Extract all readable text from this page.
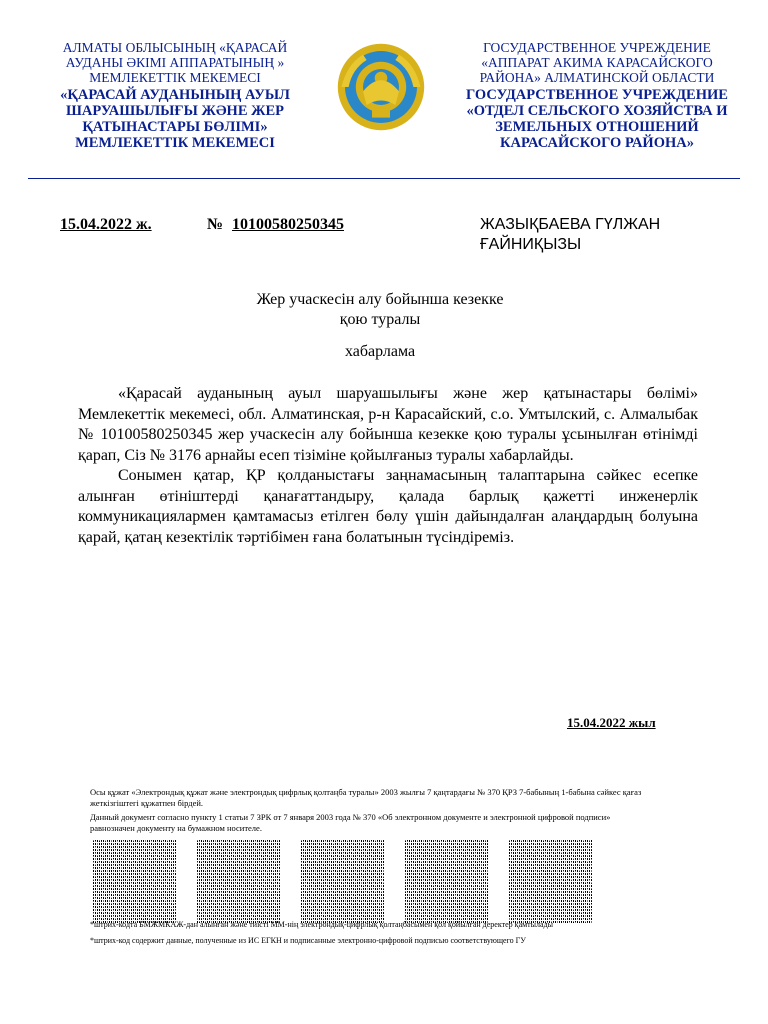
АЛМАТЫ ОБЛЫСЫНЫҢ «ҚАРАСАЙ
АУДАНЫ ӘКІМІ АППАРАТЫНЫҢ »
МЕМЛЕКЕТТІК МЕКЕМЕСІ
«ҚАРАСАЙ АУДАНЫНЫҢ АУЫЛ
ШАРУАШЫЛЫҒЫ ЖӘНЕ ЖЕР
ҚАТЫНАСТАРЫ БӨЛІМІ»
МЕМЛЕКЕТТІК МЕКЕМЕСІ
ГОСУДАРСТВЕННОЕ УЧРЕЖДЕНИЕ
«АППАРАТ АКИМА КАРАСАЙСКОГО
РАЙОНА» АЛМАТИНСКОЙ ОБЛАСТИ
ГОСУДАРСТВЕННОЕ УЧРЕЖДЕНИЕ
«ОТДЕЛ СЕЛЬСКОГО ХОЗЯЙСТВА И
ЗЕМЕЛЬНЫХ ОТНОШЕНИЙ
КАРАСАЙСКОГО РАЙОНА»
15.04.2022 ж.	№ 10100580250345	ЖАЗЫҚБАЕВА ГҮЛЖАН
ҒАЙНИҚЫЗЫ
Жер учаскесін алу бойынша кезекке
қою туралы
хабарлама

«Қарасай ауданының ауыл шаруашылығы және жер қатынастары бөлімі» Мемлекеттік мекемесі, обл. Алматинская, р-н Карасайский, с.о. Умтылский, с. Алмалыбак № 10100580250345 жер учаскесін алу бойынша кезекке қою туралы ұсынылған өтінімді қарап, Сіз № 3176 арнайы есеп тізіміне қойылғаныз туралы хабарлайды.

Сонымен қатар, ҚР қолданыстағы заңнамасының талаптарына сәйкес есепке алынған өтініштерді қанағаттандыру, қалада барлық қажетті инженерлік коммуникациялармен қамтамасыз етілген бөлу үшін дайындалған алаңдардың болуына қарай, қатаң кезектілік тәртібімен ғана болатынын түсіндіреміз.

15.04.2022 жыл

Осы құжат «Электрондық құжат және электрондық цифрлық қолтаңба туралы» 2003 жылғы 7 қаңтардағы № 370 ҚРЗ 7-бабының 1-бабына сәйкес қағаз жеткізгіштегі құжатпен бірдей.

Данный документ согласно пункту 1 статьи 7 ЗРК от 7 января 2003 года № 370 «Об электронном документе и электронной цифровой подписи» равнозначен документу на бумажном носителе.

*штрих-кодта БМЖМКАЖ-дан алынған және тиісті ММ-нің электрондық-цифрлық қолтаңбасымен қол қойылған деректер қамтылады
*штрих-код содержит данные, полученные из ИС ЕГКН и подписанные электронно-цифровой подписью соответствующего ГУ
